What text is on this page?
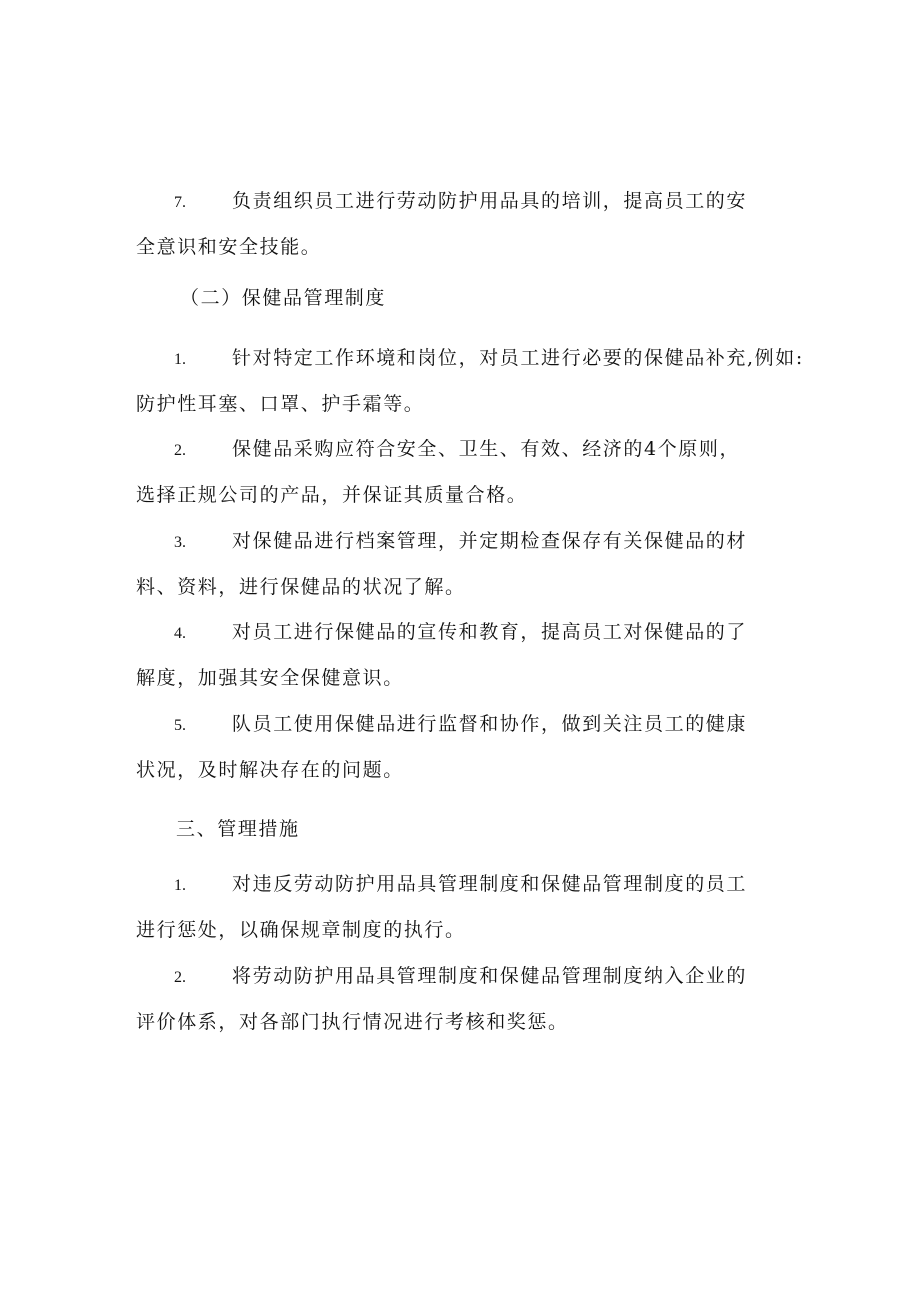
7. 负责组织员工进行劳动防护用品具的培训，提高员工的安
全意识和安全技能。
（二）保健品管理制度
1. 针对特定工作环境和岗位，对员工进行必要的保健品补充,例如:
防护性耳塞、口罩、护手霜等。
2. 保健品采购应符合安全、卫生、有效、经济的4个原则，
选择正规公司的产品，并保证其质量合格。
3. 对保健品进行档案管理，并定期检查保存有关保健品的材
料、资料，进行保健品的状况了解。
4. 对员工进行保健品的宣传和教育，提高员工对保健品的了
解度，加强其安全保健意识。
5. 队员工使用保健品进行监督和协作，做到关注员工的健康
状况，及时解决存在的问题。
三、管理措施
1. 对违反劳动防护用品具管理制度和保健品管理制度的员工
进行惩处，以确保规章制度的执行。
2. 将劳动防护用品具管理制度和保健品管理制度纳入企业的
评价体系，对各部门执行情况进行考核和奖惩。
